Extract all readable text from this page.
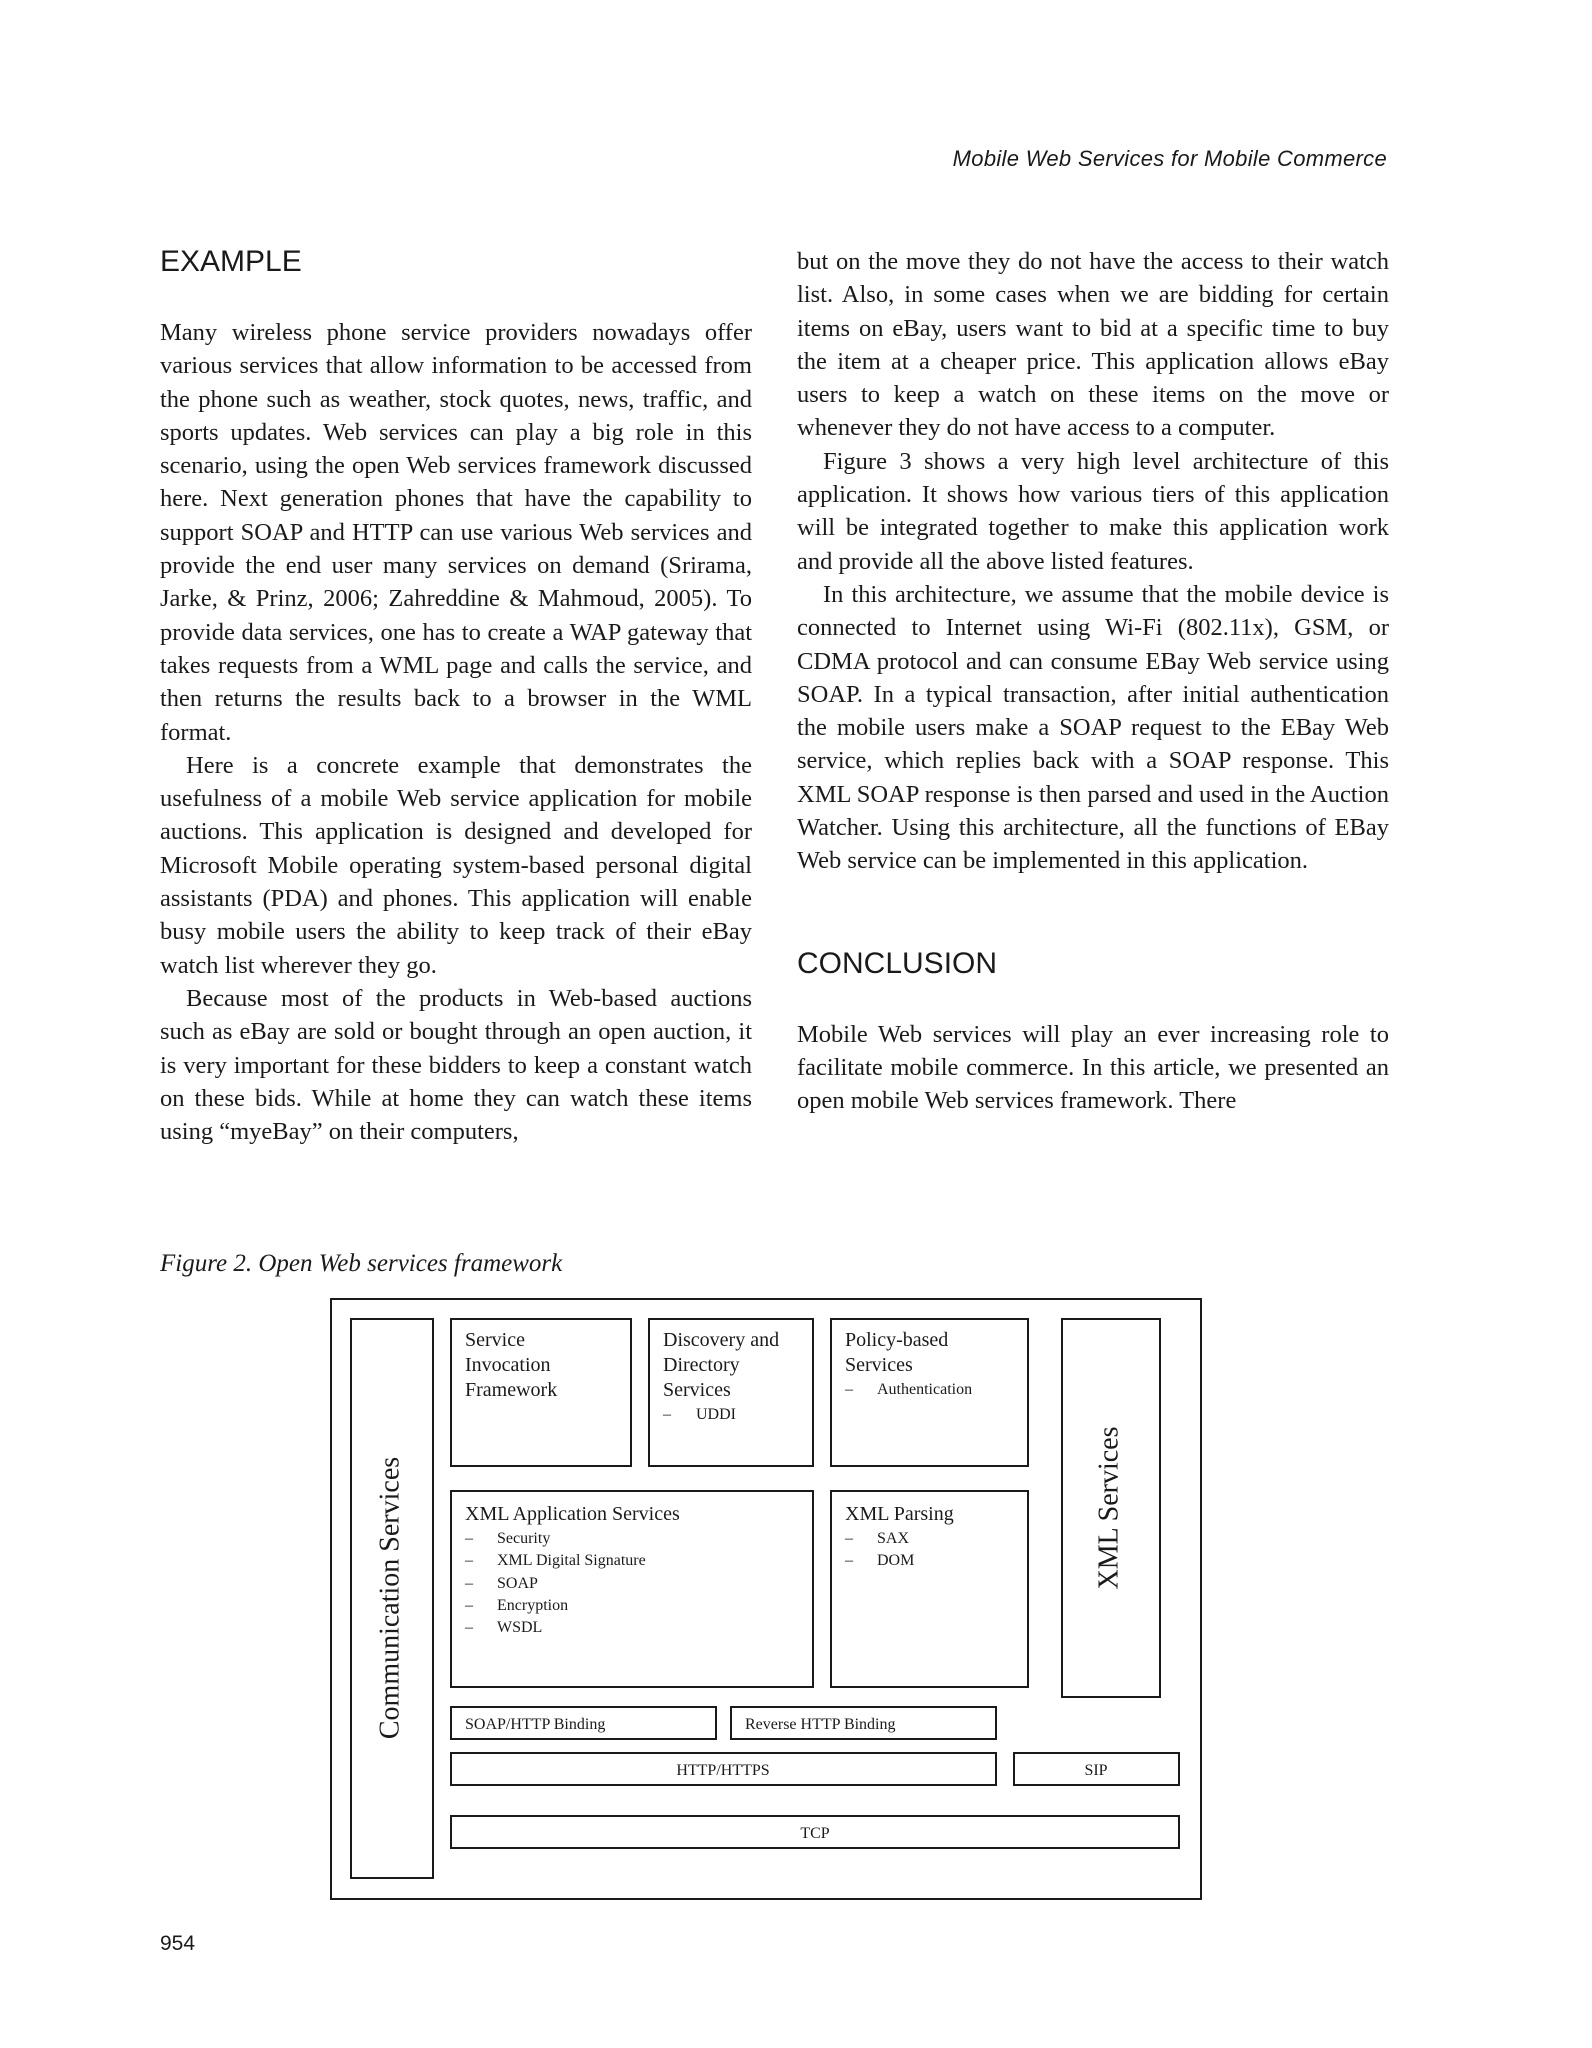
Mobile Web Services for Mobile Commerce
EXAMPLE

Many wireless phone service providers nowadays offer various services that allow information to be accessed from the phone such as weather, stock quotes, news, traffic, and sports updates. Web services can play a big role in this scenario, using the open Web services framework discussed here. Next generation phones that have the capability to support SOAP and HTTP can use various Web services and provide the end user many services on demand (Srirama, Jarke, & Prinz, 2006; Zahreddine & Mahmoud, 2005). To provide data services, one has to create a WAP gateway that takes requests from a WML page and calls the service, and then returns the results back to a browser in the WML format.

Here is a concrete example that demonstrates the usefulness of a mobile Web service application for mobile auctions. This application is designed and developed for Microsoft Mobile operating system-based personal digital assistants (PDA) and phones. This application will enable busy mobile users the ability to keep track of their eBay watch list wherever they go.

Because most of the products in Web-based auctions such as eBay are sold or bought through an open auction, it is very important for these bidders to keep a constant watch on these bids. While at home they can watch these items using “myeBay” on their computers,

but on the move they do not have the access to their watch list. Also, in some cases when we are bidding for certain items on eBay, users want to bid at a specific time to buy the item at a cheaper price. This application allows eBay users to keep a watch on these items on the move or whenever they do not have access to a computer.

Figure 3 shows a very high level architecture of this application. It shows how various tiers of this application will be integrated together to make this application work and provide all the above listed features.

In this architecture, we assume that the mobile device is connected to Internet using Wi-Fi (802.11x), GSM, or CDMA protocol and can consume EBay Web service using SOAP. In a typical transaction, after initial authentication the mobile users make a SOAP request to the EBay Web service, which replies back with a SOAP response. This XML SOAP response is then parsed and used in the Auction Watcher. Using this architecture, all the functions of EBay Web service can be implemented in this application.

CONCLUSION

Mobile Web services will play an ever increasing role to facilitate mobile commerce. In this article, we presented an open mobile Web services framework. There

Figure 2. Open Web services framework
Communication Services	XML Services
Service
Invocation
Framework
Discovery and
Directory
Services
– UDDI
Policy-based
Services
– Authentication
XML Application Services
– Security
– XML Digital Signature
– SOAP
– Encryption
– WSDL
XML Parsing
– SAX
– DOM
SOAP/HTTP Binding	Reverse HTTP Binding
HTTP/HTTPS	SIP
TCP
954
